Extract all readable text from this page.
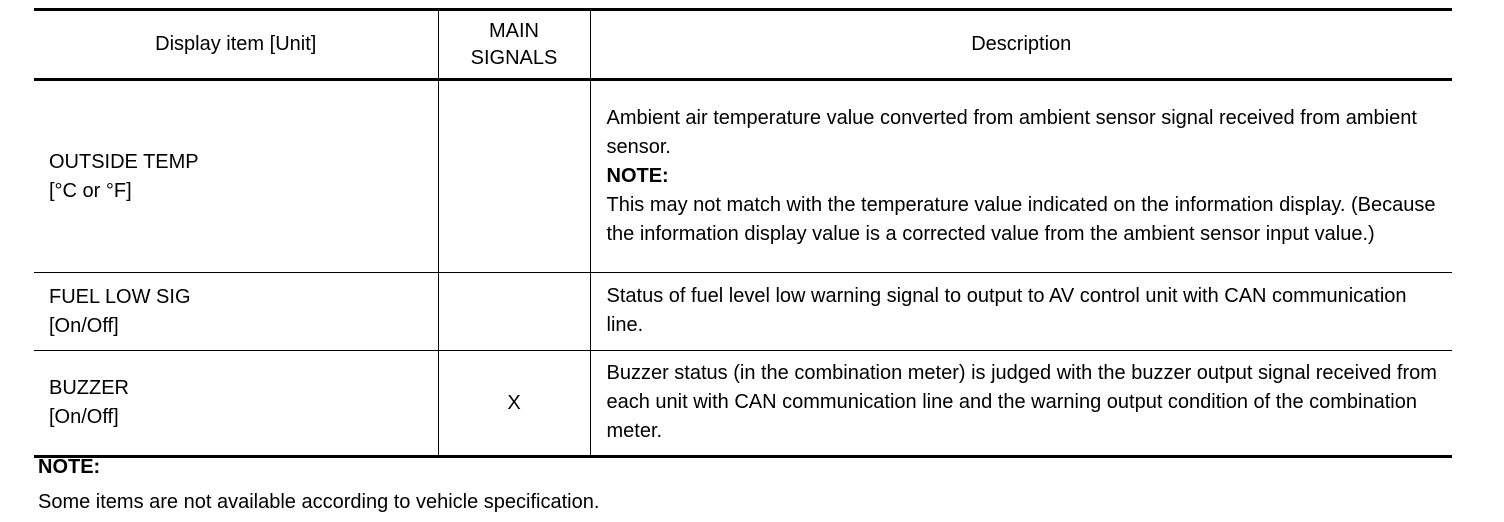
Display item [Unit]	MAIN
SIGNALS	Description

OUTSIDE TEMP
[°C or °F]		Ambient air temperature value converted from ambient sensor signal received from ambient sensor.
NOTE:
This may not match with the temperature value indicated on the information display. (Because the information display value is a corrected value from the ambient sensor input value.)

FUEL LOW SIG
[On/Off]		Status of fuel level low warning signal to output to AV control unit with CAN communication line.

BUZZER
[On/Off]	X	Buzzer status (in the combination meter) is judged with the buzzer output signal received from each unit with CAN communication line and the warning output condition of the combination meter.
NOTE:
Some items are not available according to vehicle specification.
